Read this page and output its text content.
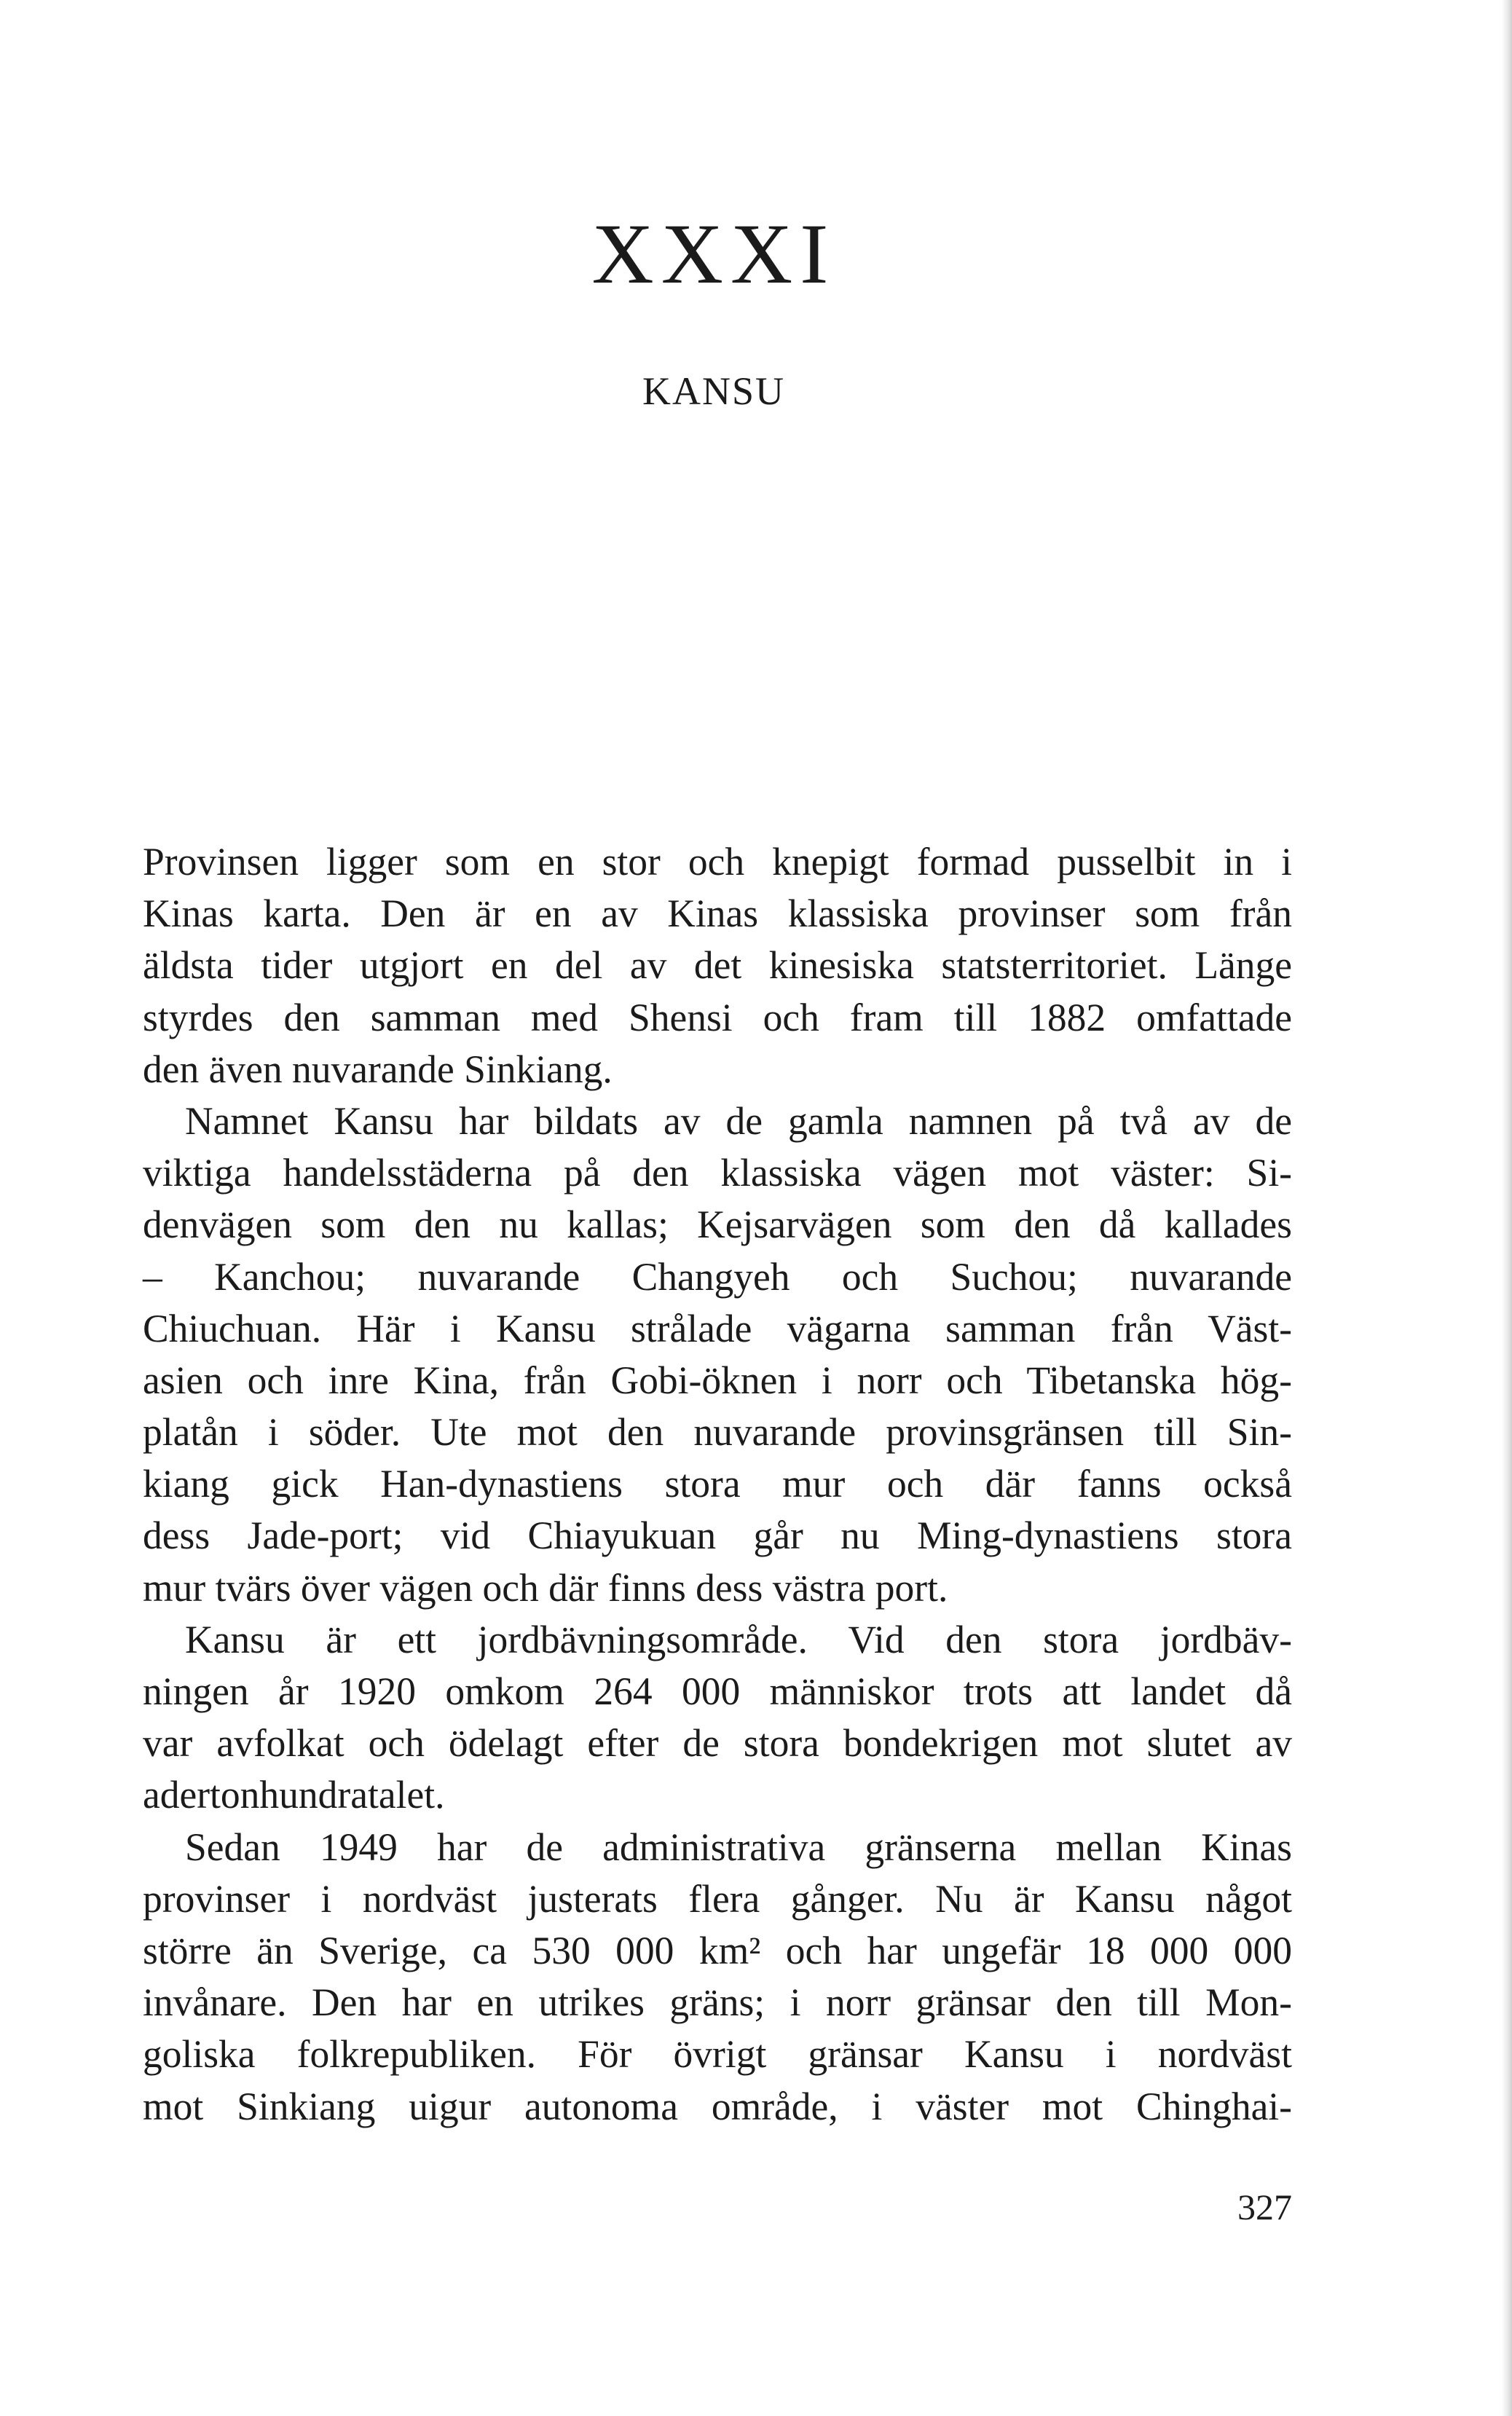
XXXI
KANSU
Provinsen ligger som en stor och knepigt formad pusselbit in i
Kinas karta. Den är en av Kinas klassiska provinser som från
äldsta tider utgjort en del av det kinesiska statsterritoriet. Länge
styrdes den samman med Shensi och fram till 1882 omfattade
den även nuvarande Sinkiang.
Namnet Kansu har bildats av de gamla namnen på två av de
viktiga handelsstäderna på den klassiska vägen mot väster: Si-
denvägen som den nu kallas; Kejsarvägen som den då kallades
– Kanchou; nuvarande Changyeh och Suchou; nuvarande
Chiuchuan. Här i Kansu strålade vägarna samman från Väst-
asien och inre Kina, från Gobi-öknen i norr och Tibetanska hög-
platån i söder. Ute mot den nuvarande provinsgränsen till Sin-
kiang gick Han-dynastiens stora mur och där fanns också
dess Jade-port; vid Chiayukuan går nu Ming-dynastiens stora
mur tvärs över vägen och där finns dess västra port.
Kansu är ett jordbävningsområde. Vid den stora jordbäv-
ningen år 1920 omkom 264 000 människor trots att landet då
var avfolkat och ödelagt efter de stora bondekrigen mot slutet av
adertonhundratalet.
Sedan 1949 har de administrativa gränserna mellan Kinas
provinser i nordväst justerats flera gånger. Nu är Kansu något
större än Sverige, ca 530 000 km² och har ungefär 18 000 000
invånare. Den har en utrikes gräns; i norr gränsar den till Mon-
goliska folkrepubliken. För övrigt gränsar Kansu i nordväst
mot Sinkiang uigur autonoma område, i väster mot Chinghai-
327
